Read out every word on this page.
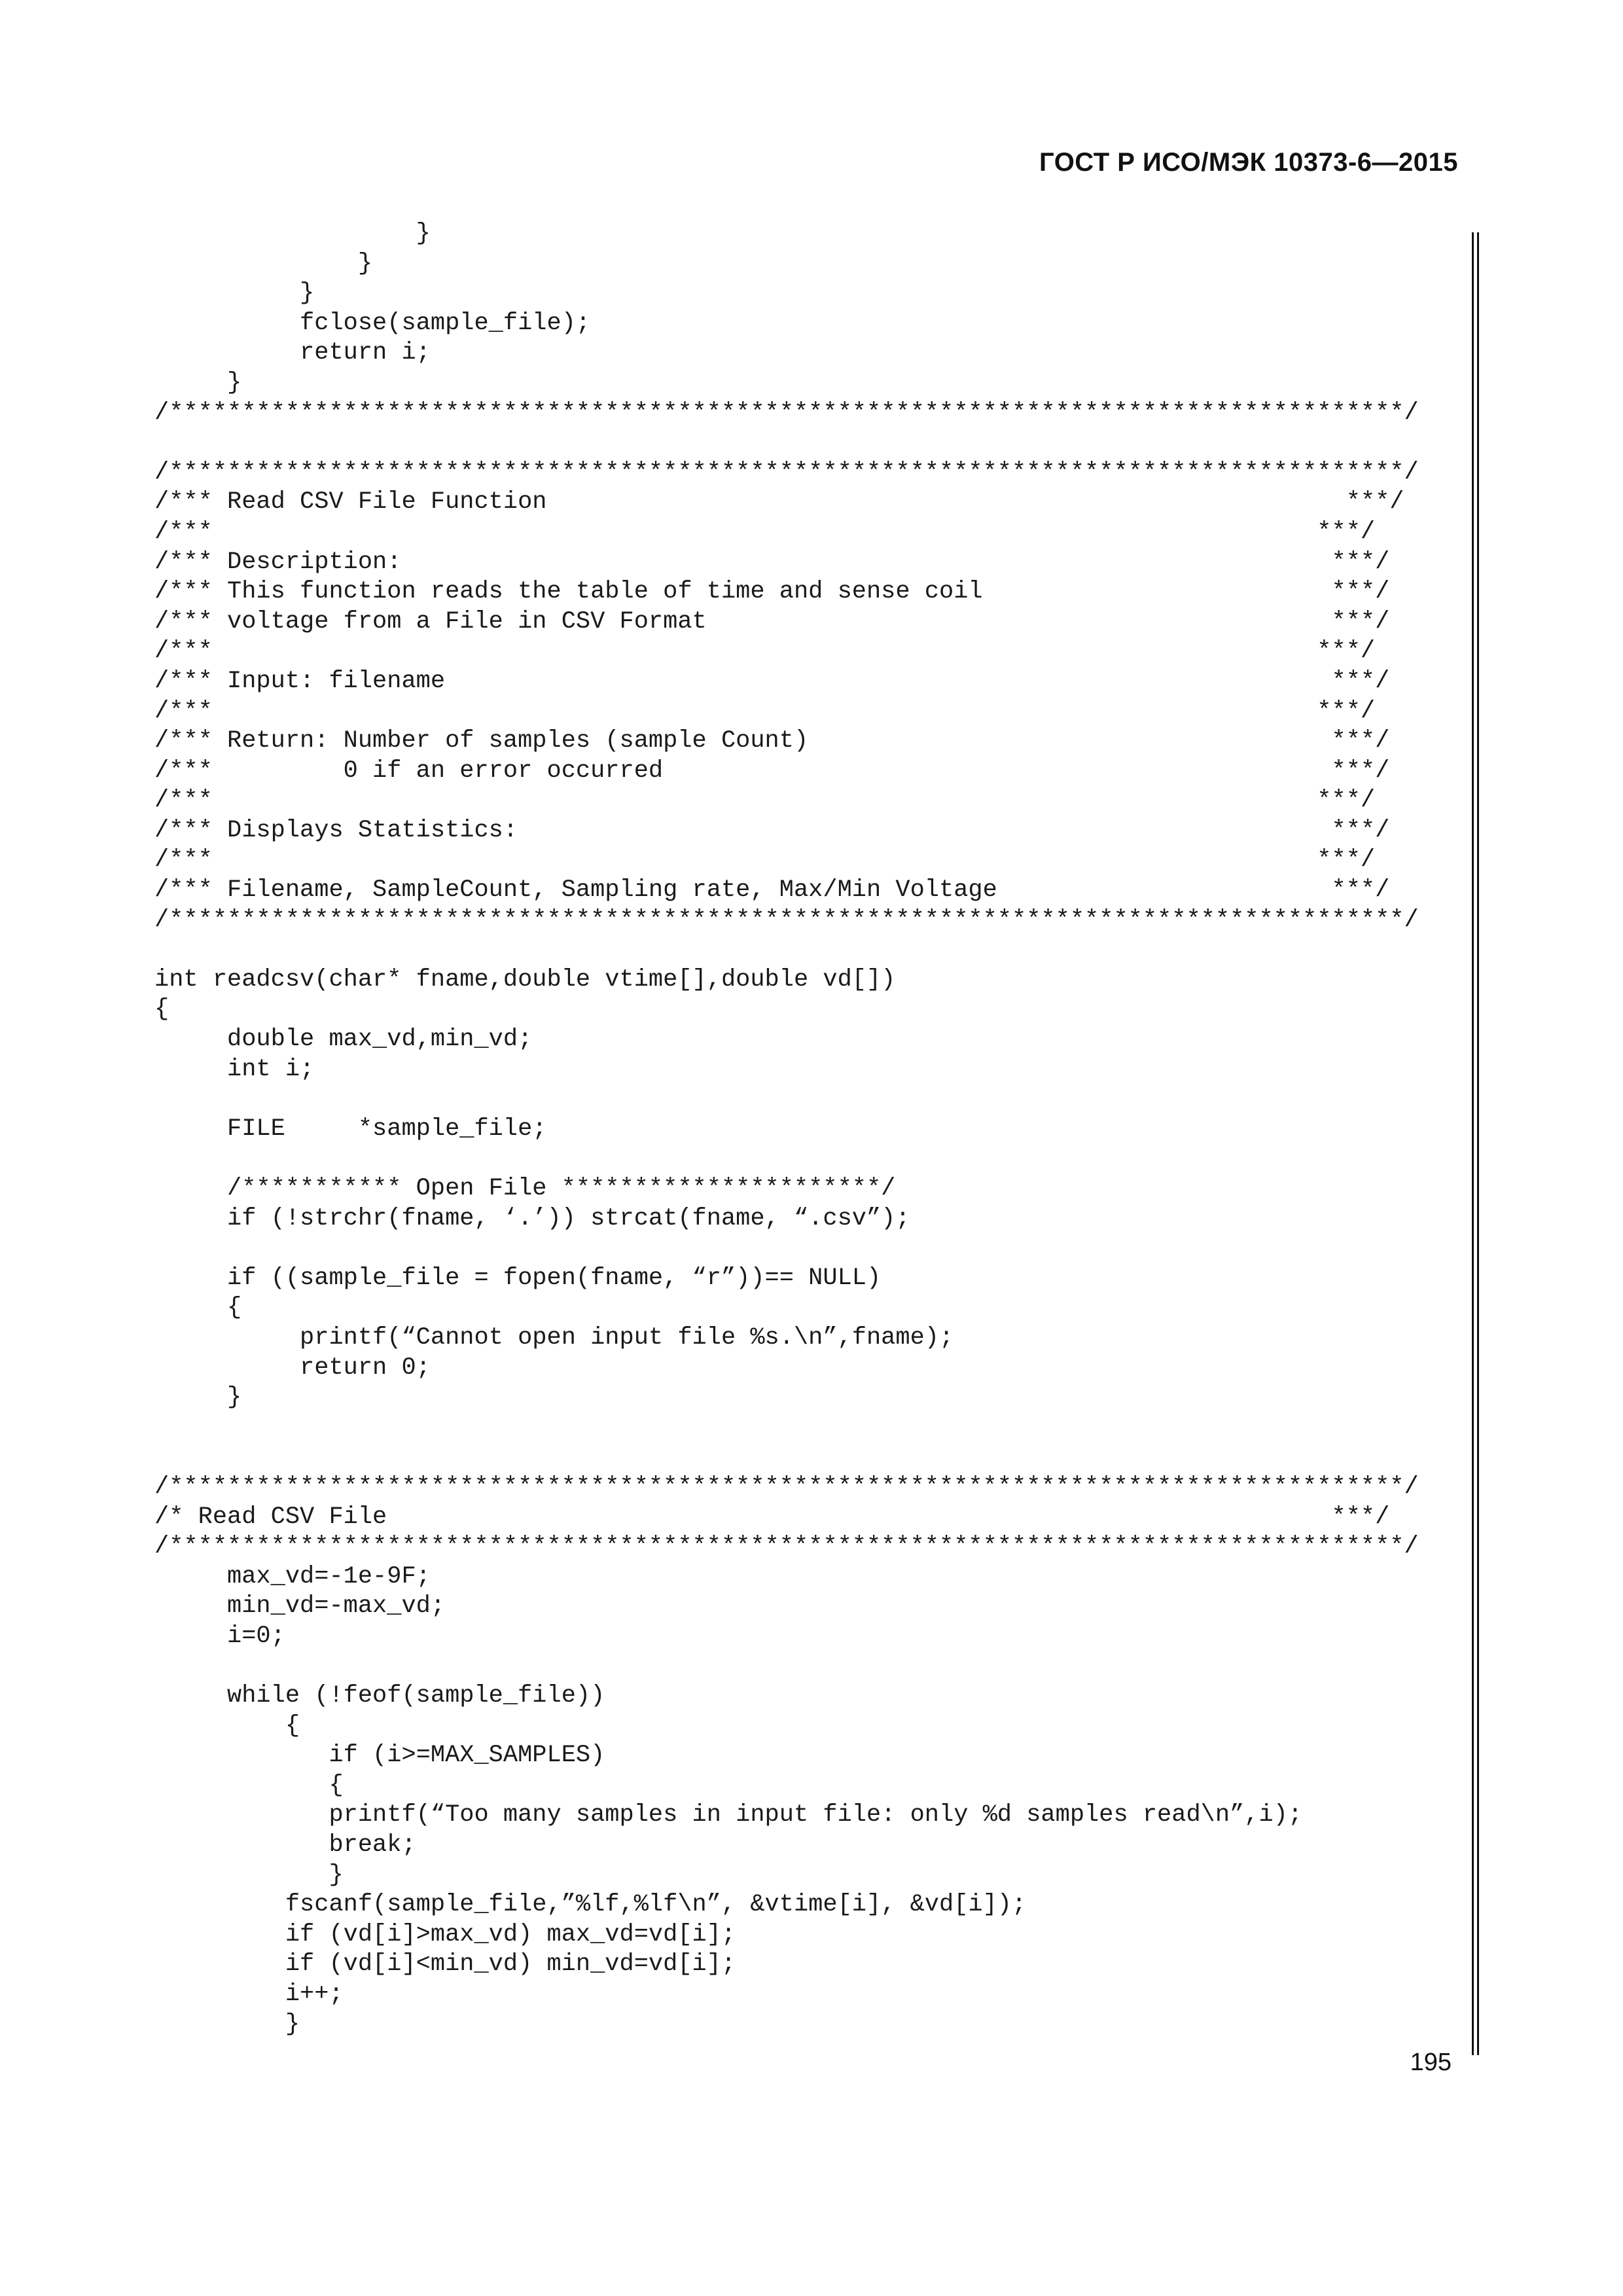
ГОСТ Р ИСО/МЭК 10373-6—2015
}
}
}
fclose(sample_file);
return i;
}
/*************************************************************************************/
/*************************************************************************************/
/*** Read CSV File Function                                                       ***/
/***                                                                            ***/
/*** Description:                                                                ***/
/*** This function reads the table of time and sense coil                        ***/
/*** voltage from a File in CSV Format                                           ***/
/***                                                                            ***/
/*** Input: filename                                                             ***/
/***                                                                            ***/
/*** Return: Number of samples (sample Count)                                    ***/
/***         0 if an error occurred                                              ***/
/***                                                                            ***/
/*** Displays Statistics:                                                        ***/
/***                                                                            ***/
/*** Filename, SampleCount, Sampling rate, Max/Min Voltage                       ***/
/*************************************************************************************/
int readcsv(char* fname,double vtime[],double vd[])
{
double max_vd,min_vd;
int i;
FILE     *sample_file;
/*********** Open File **********************/
if (!strchr(fname, ‘.’)) strcat(fname, “.csv”);
if ((sample_file = fopen(fname, “r”))== NULL)
{
printf(“Cannot open input file %s.\n”,fname);
return 0;
}
/*************************************************************************************/
/* Read CSV File                                                                 ***/
/*************************************************************************************/
max_vd=-1e-9F;
min_vd=-max_vd;
i=0;
while (!feof(sample_file))
{
if (i>=MAX_SAMPLES)
{
printf(“Too many samples in input file: only %d samples read\n”,i);
break;
}
fscanf(sample_file,”%lf,%lf\n”, &vtime[i], &vd[i]);
if (vd[i]>max_vd) max_vd=vd[i];
if (vd[i]<min_vd) min_vd=vd[i];
i++;
}
195
